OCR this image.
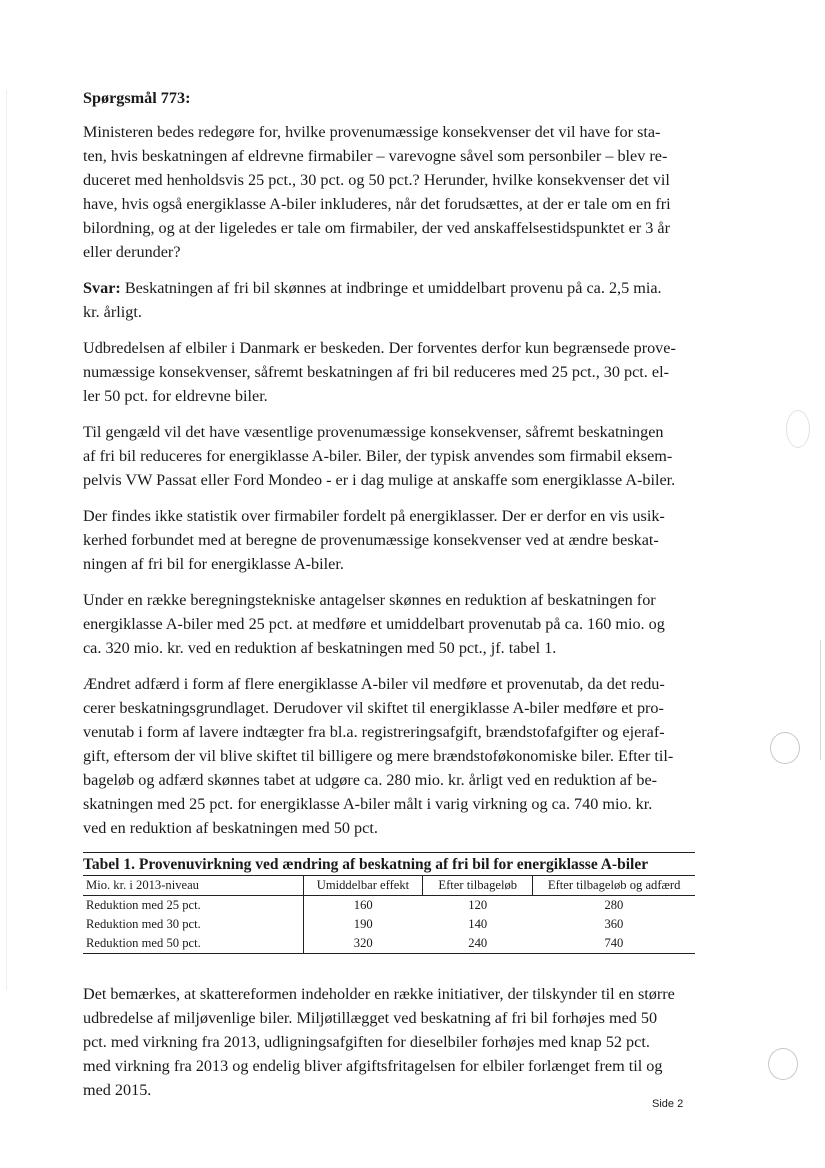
Spørgsmål 773:

Ministeren bedes redegøre for, hvilke provenumæssige konsekvenser det vil have for sta-
ten, hvis beskatningen af eldrevne firmabiler – varevogne såvel som personbiler – blev re-
duceret med henholdsvis 25 pct., 30 pct. og 50 pct.? Herunder, hvilke konsekvenser det vil
have, hvis også energiklasse A-biler inkluderes, når det forudsættes, at der er tale om en fri
bilordning, og at der ligeledes er tale om firmabiler, der ved anskaffelsestidspunktet er 3 år
eller derunder?

Svar: Beskatningen af fri bil skønnes at indbringe et umiddelbart provenu på ca. 2,5 mia.
kr. årligt.

Udbredelsen af elbiler i Danmark er beskeden. Der forventes derfor kun begrænsede prove-
numæssige konsekvenser, såfremt beskatningen af fri bil reduceres med 25 pct., 30 pct. el-
ler 50 pct. for eldrevne biler.

Til gengæld vil det have væsentlige provenumæssige konsekvenser, såfremt beskatningen
af fri bil reduceres for energiklasse A-biler. Biler, der typisk anvendes som firmabil eksem-
pelvis VW Passat eller Ford Mondeo - er i dag mulige at anskaffe som energiklasse A-biler.

Der findes ikke statistik over firmabiler fordelt på energiklasser. Der er derfor en vis usik-
kerhed forbundet med at beregne de provenumæssige konsekvenser ved at ændre beskat-
ningen af fri bil for energiklasse A-biler.

Under en række beregningstekniske antagelser skønnes en reduktion af beskatningen for
energiklasse A-biler med 25 pct. at medføre et umiddelbart provenutab på ca. 160 mio. og
ca. 320 mio. kr. ved en reduktion af beskatningen med 50 pct., jf. tabel 1.

Ændret adfærd i form af flere energiklasse A-biler vil medføre et provenutab, da det redu-
cerer beskatningsgrundlaget. Derudover vil skiftet til energiklasse A-biler medføre et pro-
venutab i form af lavere indtægter fra bl.a. registreringsafgift, brændstofafgifter og ejeraf-
gift, eftersom der vil blive skiftet til billigere og mere brændstoføkonomiske biler. Efter til-
bageløb og adfærd skønnes tabet at udgøre ca. 280 mio. kr. årligt ved en reduktion af be-
skatningen med 25 pct. for energiklasse A-biler målt i varig virkning og ca. 740 mio. kr.
ved en reduktion af beskatningen med 50 pct.

Tabel 1. Provenuvirkning ved ændring af beskatning af fri bil for energiklasse A-biler
Mio. kr. i 2013-niveau	Umiddelbar effekt	Efter tilbageløb	Efter tilbageløb og adfærd
Reduktion med 25 pct.	160	120	280
Reduktion med 30 pct.	190	140	360
Reduktion med 50 pct.	320	240	740

Det bemærkes, at skattereformen indeholder en række initiativer, der tilskynder til en større
udbredelse af miljøvenlige biler. Miljøtillægget ved beskatning af fri bil forhøjes med 50
pct. med virkning fra 2013, udligningsafgiften for dieselbiler forhøjes med knap 52 pct.
med virkning fra 2013 og endelig bliver afgiftsfritagelsen for elbiler forlænget frem til og
med 2015.

Side 2
